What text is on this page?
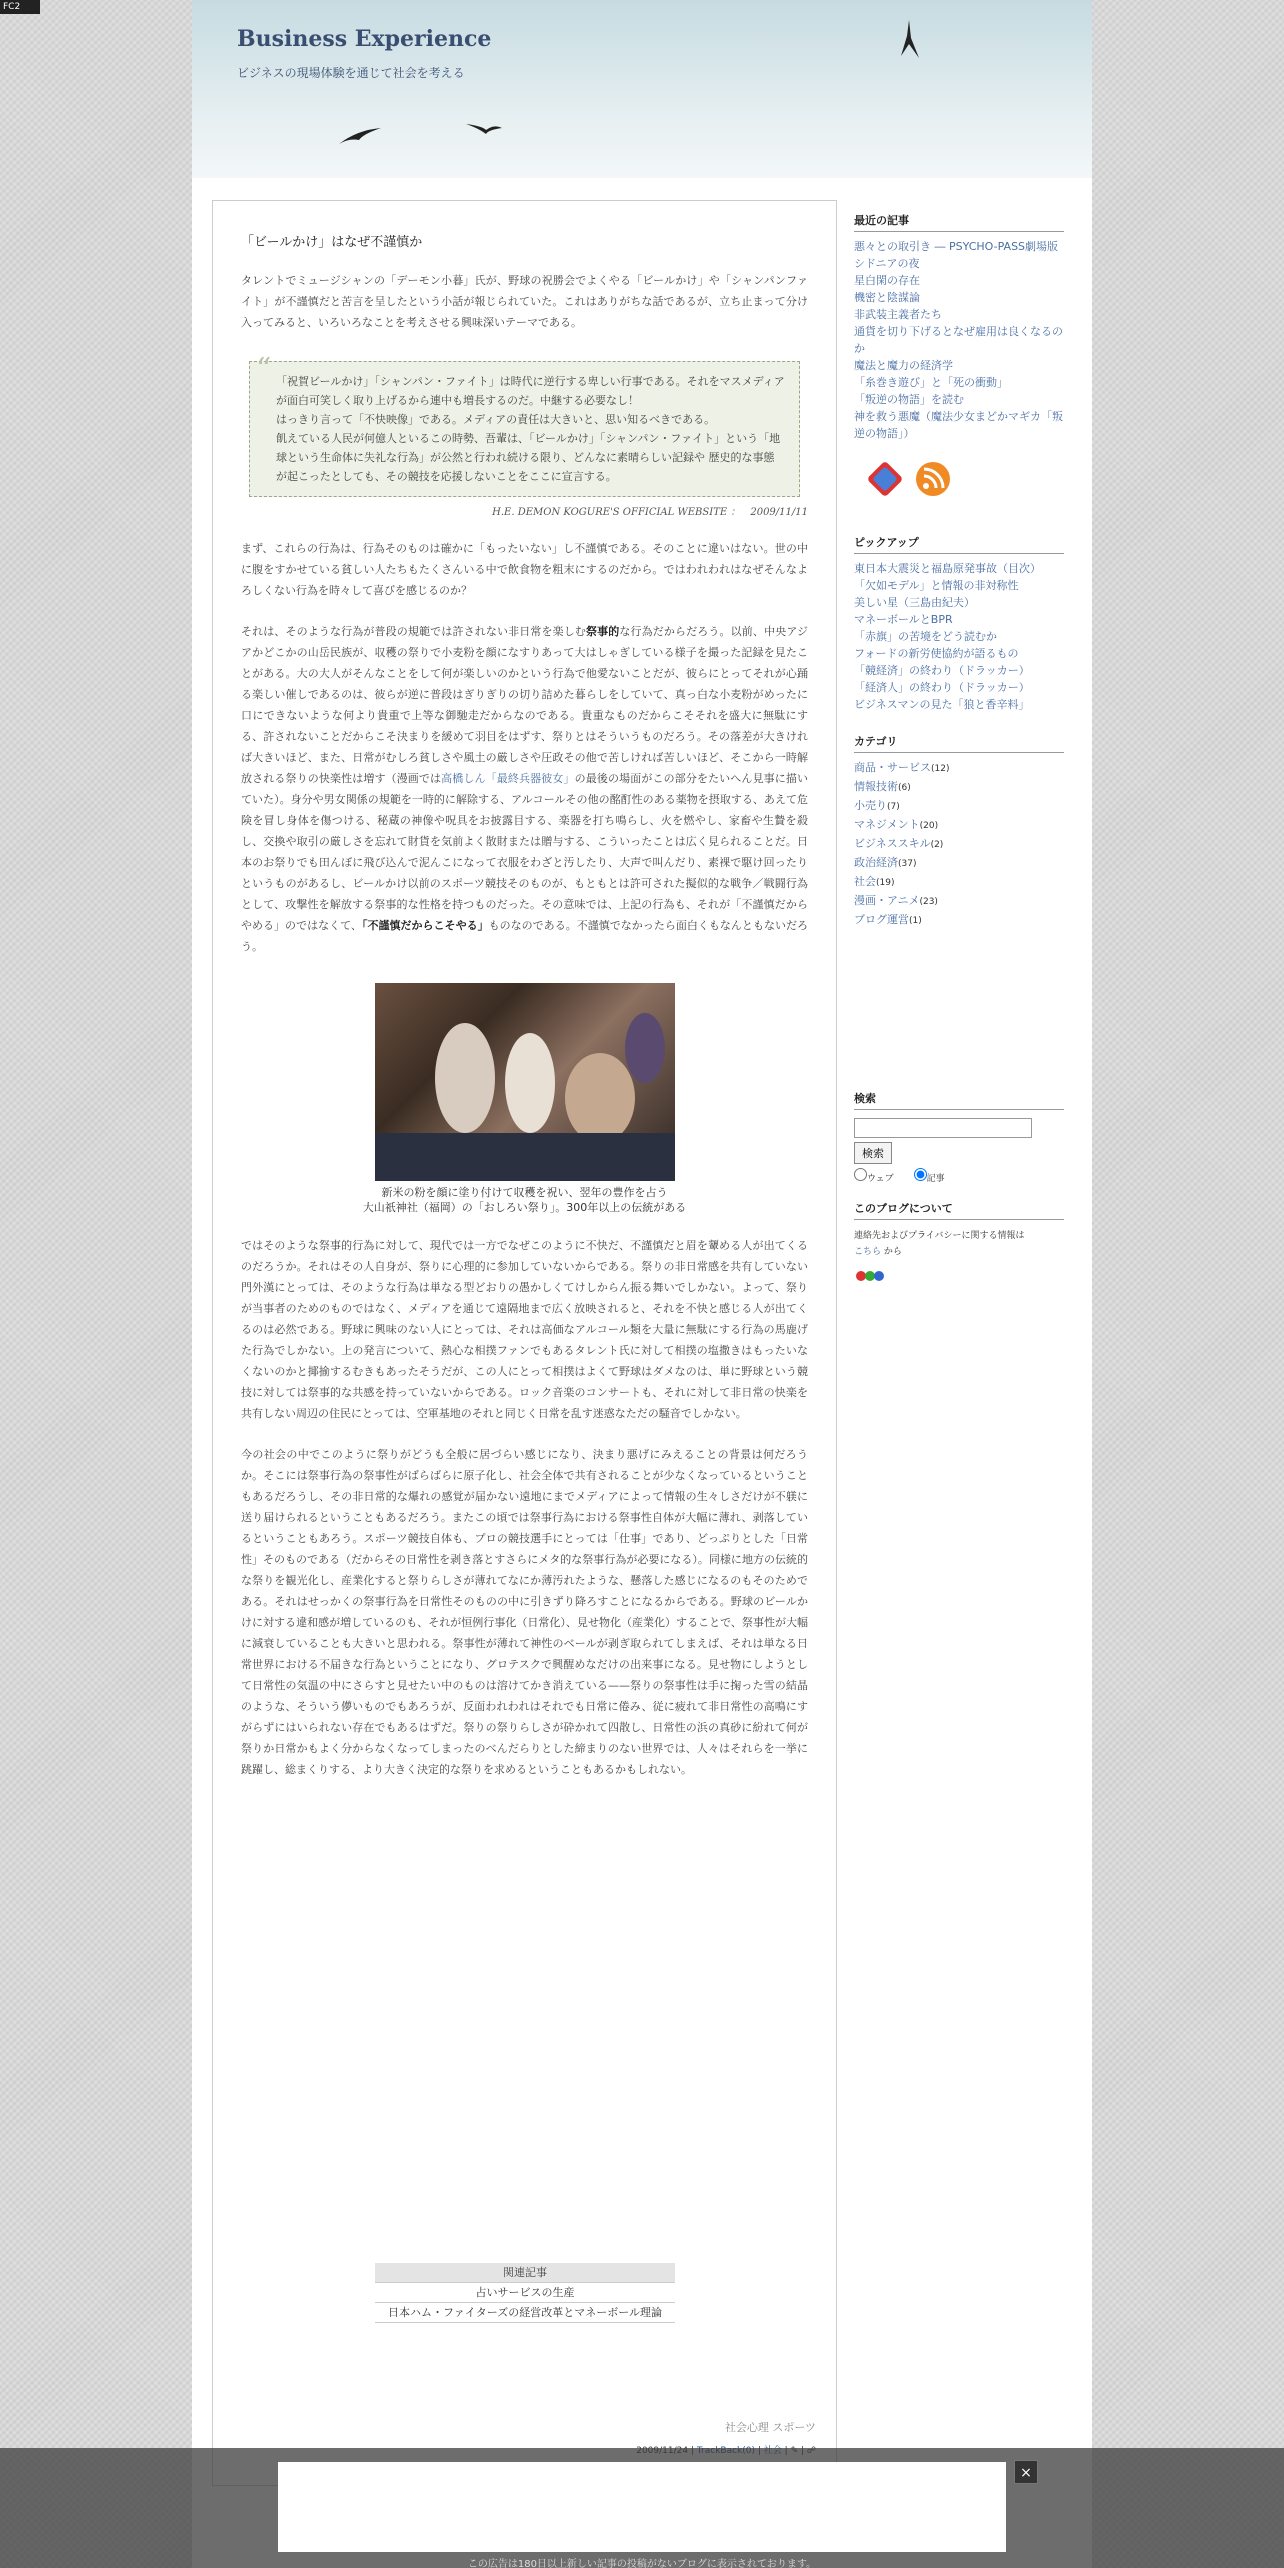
FC2
Business Experience
ビジネスの現場体験を通じて社会を考える
「ビールかけ」はなぜ不謹慎か

タレントでミュージシャンの「デーモン小暮」氏が、野球の祝勝会でよくやる「ビールかけ」や「シャンパンファイト」が不謹慎だと苦言を呈したという小話が報じられていた。これはありがちな話であるが、立ち止まって分け入ってみると、いろいろなことを考えさせる興味深いテーマである。

“ 「祝賀ビールかけ」「シャンパン・ファイト」は時代に逆行する卑しい行事である。それをマスメディアが面白可笑しく取り上げるから連中も増長するのだ。中継する必要なし！
はっきり言って「不快映像」である。メディアの責任は大きいと、思い知るべきである。
飢えている人民が何億人といるこの時勢、吾輩は、「ビールかけ」「シャンパン・ファイト」という「地球という生命体に失礼な行為」が公然と行われ続ける限り、どんなに素晴らしい記録や 歴史的な事態が起こったとしても、その競技を応援しないことをここに宣言する。
H.E. DEMON KOGURE'S OFFICIAL WEBSITE ：　2009/11/11

まず、これらの行為は、行為そのものは確かに「もったいない」し不謹慎である。そのことに違いはない。世の中に腹をすかせている貧しい人たちもたくさんいる中で飲食物を粗末にするのだから。ではわれわれはなぜそんなよろしくない行為を時々して喜びを感じるのか？

それは、そのような行為が普段の規範では許されない非日常を楽しむ祭事的な行為だからだろう。以前、中央アジアかどこかの山岳民族が、収穫の祭りで小麦粉を顔になすりあって大はしゃぎしている様子を撮った記録を見たことがある。大の大人がそんなことをして何が楽しいのかという行為で他愛ないことだが、彼らにとってそれが心踊る楽しい催しであるのは、彼らが逆に普段はぎりぎりの切り詰めた暮らしをしていて、真っ白な小麦粉がめったに口にできないような何より貴重で上等な御馳走だからなのである。貴重なものだからこそそれを盛大に無駄にする、許されないことだからこそ決まりを緩めて羽目をはずす、祭りとはそういうものだろう。その落差が大きければ大きいほど、また、日常がむしろ貧しさや風土の厳しさや圧政その他で苦しければ苦しいほど、そこから一時解放される祭りの快楽性は増す（漫画では高橋しん「最終兵器彼女」の最後の場面がこの部分をたいへん見事に描いていた）。身分や男女関係の規範を一時的に解除する、アルコールその他の酩酊性のある薬物を摂取する、あえて危険を冒し身体を傷つける、秘蔵の神像や呪具をお披露目する、楽器を打ち鳴らし、火を燃やし、家畜や生贄を殺し、交換や取引の厳しさを忘れて財貨を気前よく散財または贈与する、こういったことは広く見られることだ。日本のお祭りでも田んぼに飛び込んで泥んこになって衣服をわざと汚したり、大声で叫んだり、素裸で駆け回ったりというものがあるし、ビールかけ以前のスポーツ競技そのものが、もともとは許可された擬似的な戦争／戦闘行為として、攻撃性を解放する祭事的な性格を持つものだった。その意味では、上記の行為も、それが「不謹慎だからやめる」のではなくて、「不謹慎だからこそやる」ものなのである。不謹慎でなかったら面白くもなんともないだろう。

新米の粉を顔に塗り付けて収穫を祝い、翌年の豊作を占う
大山祇神社（福岡）の「おしろい祭り」。300年以上の伝統がある

ではそのような祭事的行為に対して、現代では一方でなぜこのように不快だ、不謹慎だと眉を顰める人が出てくるのだろうか。それはその人自身が、祭りに心理的に参加していないからである。祭りの非日常感を共有していない門外漢にとっては、そのような行為は単なる型どおりの愚かしくてけしからん振る舞いでしかない。よって、祭りが当事者のためのものではなく、メディアを通じて遠隔地まで広く放映されると、それを不快と感じる人が出てくるのは必然である。野球に興味のない人にとっては、それは高価なアルコール類を大量に無駄にする行為の馬鹿げた行為でしかない。上の発言について、熱心な相撲ファンでもあるタレント氏に対して相撲の塩撒きはもったいなくないのかと揶揄するむきもあったそうだが、この人にとって相撲はよくて野球はダメなのは、単に野球という競技に対しては祭事的な共感を持っていないからである。ロック音楽のコンサートも、それに対して非日常の快楽を共有しない周辺の住民にとっては、空軍基地のそれと同じく日常を乱す迷惑なただの騒音でしかない。

今の社会の中でこのように祭りがどうも全般に居づらい感じになり、決まり悪げにみえることの背景は何だろうか。そこには祭事行為の祭事性がばらばらに原子化し、社会全体で共有されることが少なくなっているということもあるだろうし、その非日常的な爆れの感覚が届かない遠地にまでメディアによって情報の生々しさだけが不躾に送り届けられるということもあるだろう。またこの頃では祭事行為における祭事性自体が大幅に薄れ、剥落しているということもあろう。スポーツ競技自体も、プロの競技選手にとっては「仕事」であり、どっぷりとした「日常性」そのものである（だからその日常性を剥き落とすさらにメタ的な祭事行為が必要になる）。同様に地方の伝統的な祭りを観光化し、産業化すると祭りらしさが薄れてなにか薄汚れたような、懸落した感じになるのもそのためである。それはせっかくの祭事行為を日常性そのものの中に引きずり降ろすことになるからである。野球のビールかけに対する違和感が増しているのも、それが恒例行事化（日常化）、見せ物化（産業化）することで、祭事性が大幅に減衰していることも大きいと思われる。祭事性が薄れて神性のベールが剥ぎ取られてしまえば、それは単なる日常世界における不届きな行為ということになり、グロテスクで興醒めなだけの出来事になる。見せ物にしようとして日常性の気温の中にさらすと見せたい中のものは溶けてかき消えている——祭りの祭事性は手に掬った雪の結晶のような、そういう儚いものでもあろうが、反面われわれはそれでも日常に倦み、従に疲れて非日常性の高鳴にすがらずにはいられない存在でもあるはずだ。祭りの祭りらしさが砕かれて四散し、日常性の浜の真砂に紛れて何が祭りか日常かもよく分からなくなってしまったのべんだらりとした締まりのない世界では、人々はそれらを一挙に跳躍し、総まくりする、より大きく決定的な祭りを求めるということもあるかもしれない。

関連記事
占いサービスの生産
日本ハム・ファイターズの経営改革とマネーボール理論
社会心理 スポーツ
最近の記事
悪々との取引き ― PSYCHO-PASS劇場版
シドニアの夜
星白閑の存在
機密と陰謀論
非武装主義者たち
通貨を切り下げるとなぜ雇用は良くなるのか
魔法と魔力の経済学
「糸巻き遊び」と「死の衝動」
「叛逆の物語」を読む
神を救う悪魔（魔法少女まどかマギカ「叛逆の物語」）
ピックアップ
東日本大震災と福島原発事故（目次）
「欠如モデル」と情報の非対称性
美しい星（三島由紀夫）
マネーボールとBPR
「赤旗」の苦境をどう読むか
フォードの新労使協約が語るもの
「競経済」の終わり（ドラッカー）
「経済人」の終わり（ドラッカー）
ビジネスマンの見た「狼と香辛料」
カテゴリ
商品・サービス(12)
情報技術(6)
小売り(7)
マネジメント(20)
ビジネススキル(2)
政治経済(37)
社会(19)
漫画・アニメ(23)
ブログ運営(1)
検索
検索
ウェブ	記事
このブログについて
連絡先およびプライバシーに関する情報は
こちら から
×
この広告は180日以上新しい記事の投稿がないブログに表示されております。
